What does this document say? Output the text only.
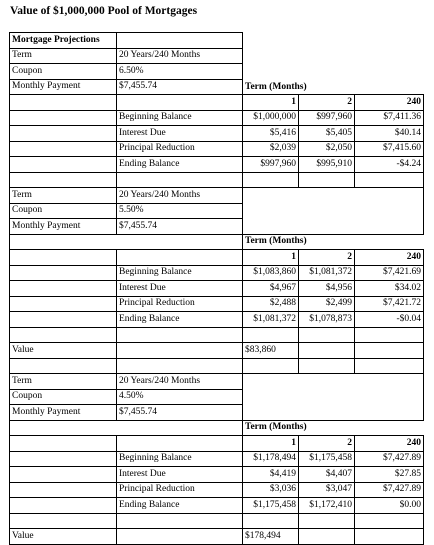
Value of $1,000,000 Pool of Mortgages
Mortgage Projections				
Term	20 Years/240 Months			
Coupon	6.50%			
Monthly Payment	$7,455.74	Term (Months)		
		1	2	240
	Beginning Balance	$1,000,000	$997,960	$7,411.36
	Interest Due	$5,416	$5,405	$40.14
	Principal Reduction	$2,039	$2,050	$7,415.60
	Ending Balance	$997,960	$995,910	-$4.24

Term	20 Years/240 Months			
Coupon	5.50%			
Monthly Payment	$7,455.74			
		Term (Months)		
		1	2	240
	Beginning Balance	$1,083,860	$1,081,372	$7,421.69
	Interest Due	$4,967	$4,956	$34.02
	Principal Reduction	$2,488	$2,499	$7,421.72
	Ending Balance	$1,081,372	$1,078,873	-$0.04

Value		$83,860		

Term	20 Years/240 Months			
Coupon	4.50%			
Monthly Payment	$7,455.74			
		Term (Months)		
		1	2	240
	Beginning Balance	$1,178,494	$1,175,458	$7,427.89
	Interest Due	$4,419	$4,407	$27.85
	Principal Reduction	$3,036	$3,047	$7,427.89
	Ending Balance	$1,175,458	$1,172,410	$0.00

Value		$178,494		
